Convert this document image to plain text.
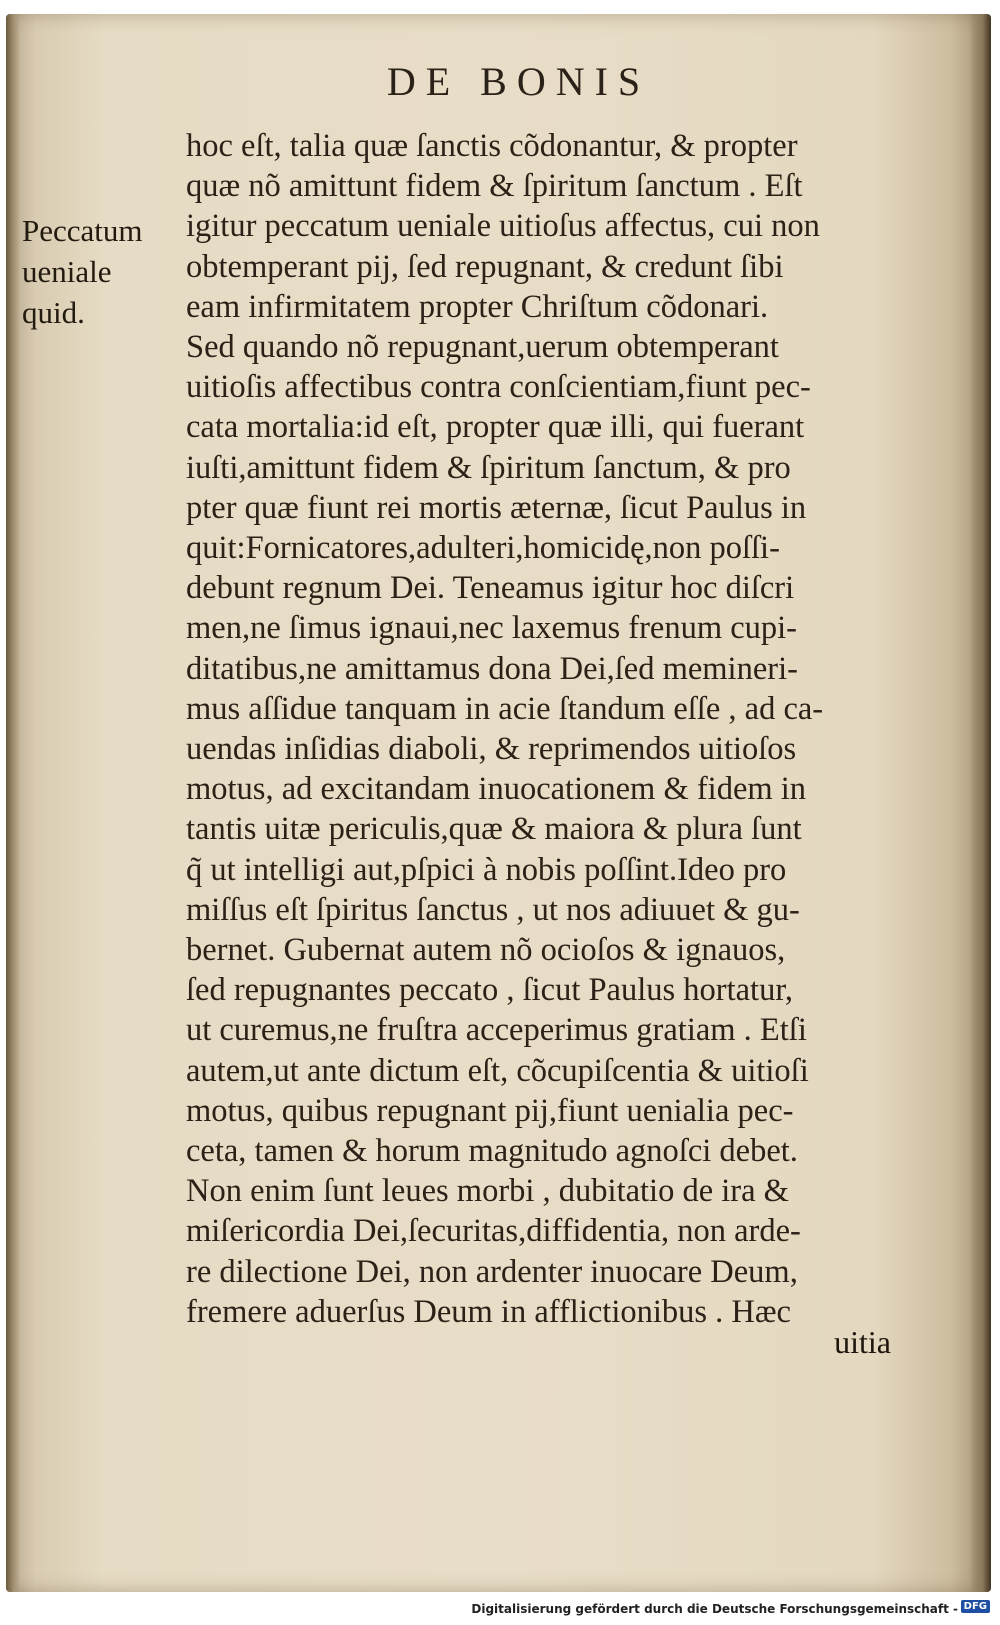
DE BONIS
Peccatum
ueniale
quid.
hoc eſt, talia quæ ſanctis cõdonantur, & propter
quæ nõ amittunt fidem & ſpiritum ſanctum . Eſt
igitur peccatum ueniale uitioſus affectus, cui non
obtemperant pij, ſed repugnant, & credunt ſibi
eam infirmitatem propter Chriſtum cõdonari.
Sed quando nõ repugnant,uerum obtemperant
uitioſis affectibus contra conſcientiam,fiunt pec-
cata mortalia:id eſt, propter quæ illi, qui fuerant
iuſti,amittunt fidem & ſpiritum ſanctum, & pro
pter quæ fiunt rei mortis æternæ, ſicut Paulus in
quit:Fornicatores,adulteri,homicidę,non poſſi-
debunt regnum Dei. Teneamus igitur hoc diſcri
men,ne ſimus ignaui,nec laxemus frenum cupi-
ditatibus,ne amittamus dona Dei,ſed memineri-
mus aſſidue tanquam in acie ſtandum eſſe , ad ca-
uendas inſidias diaboli, & reprimendos uitioſos
motus, ad excitandam inuocationem & fidem in
tantis uitæ periculis,quæ & maiora & plura ſunt
q̃ ut intelligi aut,pſpici à nobis poſſint.Ideo pro
miſſus eſt ſpiritus ſanctus , ut nos adiuuet & gu-
bernet. Gubernat autem nõ ocioſos & ignauos,
ſed repugnantes peccato , ſicut Paulus hortatur,
ut curemus,ne fruſtra acceperimus gratiam . Etſi
autem,ut ante dictum eſt, cõcupiſcentia & uitioſi
motus, quibus repugnant pij,fiunt uenialia pec-
ceta, tamen & horum magnitudo agnoſci debet.
Non enim ſunt leues morbi , dubitatio de ira &
miſericordia Dei,ſecuritas,diffidentia, non arde-
re dilectione Dei, non ardenter inuocare Deum,
fremere aduerſus Deum in afflictionibus . Hæc
uitia
Digitalisierung gefördert durch die Deutsche Forschungsgemeinschaft - DFG
